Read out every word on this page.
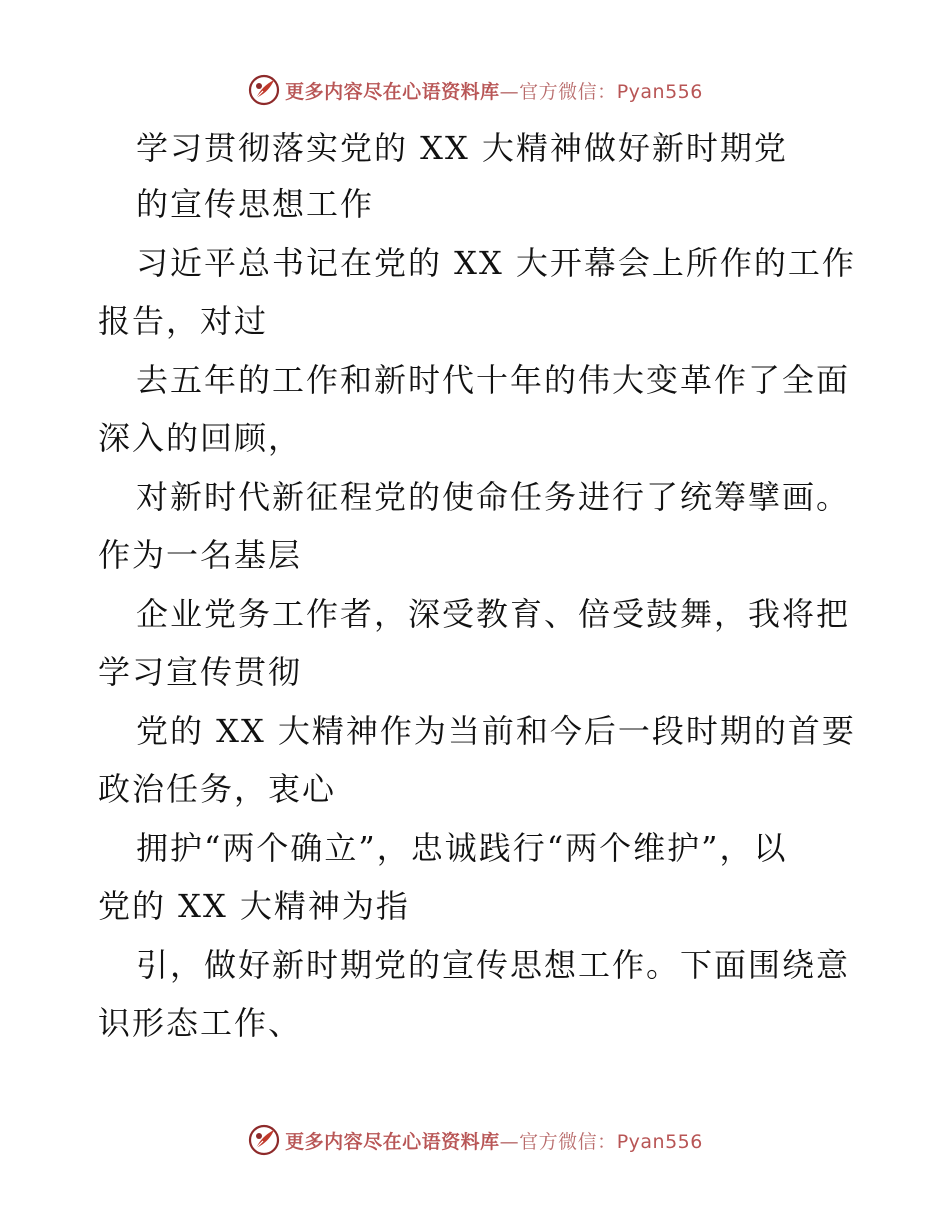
更多内容尽在心语资料库—官方微信：Pyan556
学习贯彻落实党的 XX 大精神做好新时期党
的宣传思想工作
习近平总书记在党的 XX 大开幕会上所作的工作
报告，对过
去五年的工作和新时代十年的伟大变革作了全面
深入的回顾，
对新时代新征程党的使命任务进行了统筹擘画。
作为一名基层
企业党务工作者，深受教育、倍受鼓舞，我将把
学习宣传贯彻
党的 XX 大精神作为当前和今后一段时期的首要
政治任务，衷心
拥护“两个确立”，忠诚践行“两个维护”，以
党的 XX 大精神为指
引，做好新时期党的宣传思想工作。下面围绕意
识形态工作、
更多内容尽在心语资料库—官方微信：Pyan556
